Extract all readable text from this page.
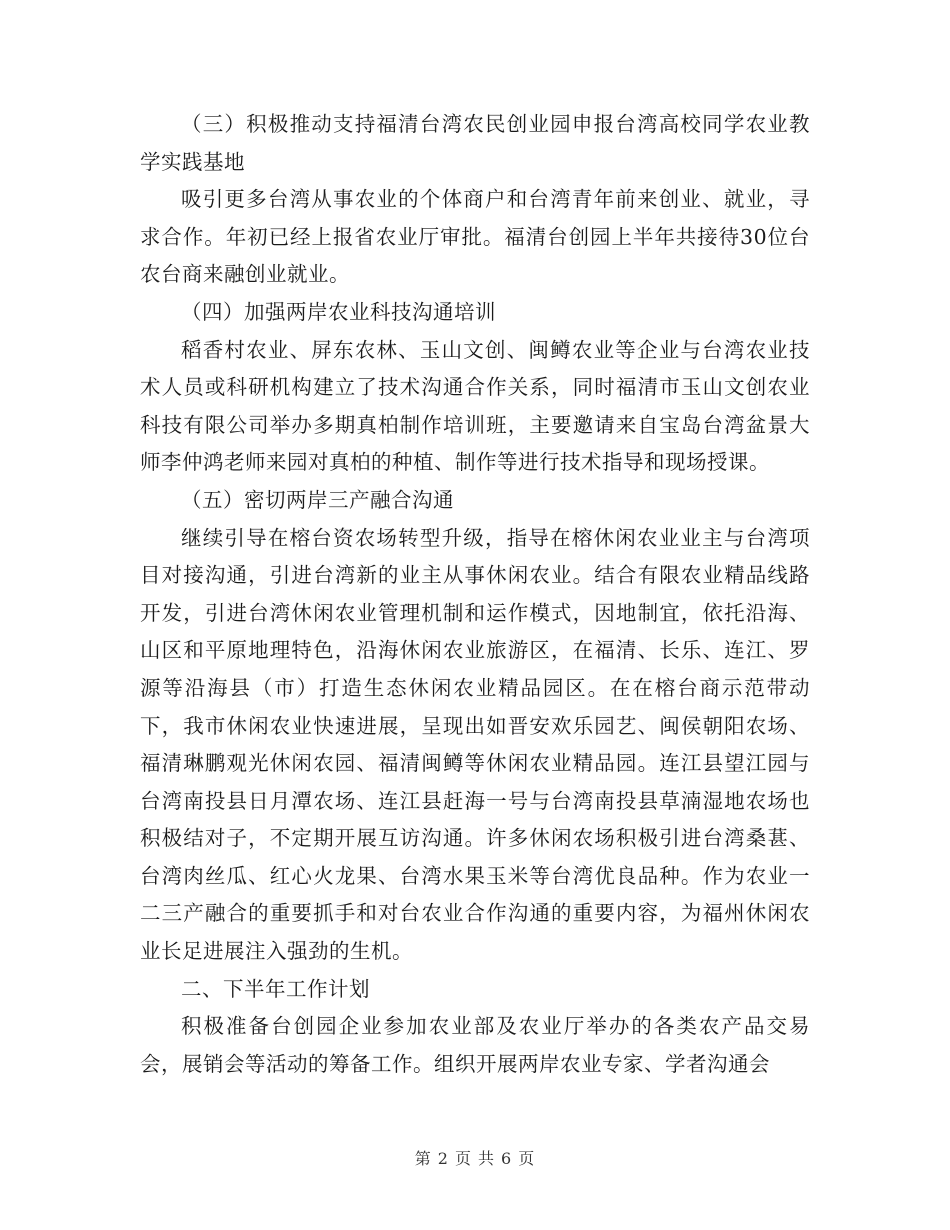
（三）积极推动支持福清台湾农民创业园申报台湾高校同学农业教学实践基地

吸引更多台湾从事农业的个体商户和台湾青年前来创业、就业，寻求合作。年初已经上报省农业厅审批。福清台创园上半年共接待30位台农台商来融创业就业。

（四）加强两岸农业科技沟通培训

稻香村农业、屏东农林、玉山文创、闽鳟农业等企业与台湾农业技术人员或科研机构建立了技术沟通合作关系，同时福清市玉山文创农业科技有限公司举办多期真柏制作培训班，主要邀请来自宝岛台湾盆景大师李仲鸿老师来园对真柏的种植、制作等进行技术指导和现场授课。

（五）密切两岸三产融合沟通

继续引导在榕台资农场转型升级，指导在榕休闲农业业主与台湾项目对接沟通，引进台湾新的业主从事休闲农业。结合有限农业精品线路开发，引进台湾休闲农业管理机制和运作模式，因地制宜，依托沿海、山区和平原地理特色，沿海休闲农业旅游区，在福清、长乐、连江、罗源等沿海县（市）打造生态休闲农业精品园区。在在榕台商示范带动下，我市休闲农业快速进展，呈现出如晋安欢乐园艺、闽侯朝阳农场、福清琳鹏观光休闲农园、福清闽鳟等休闲农业精品园。连江县望江园与台湾南投县日月潭农场、连江县赶海一号与台湾南投县草湳湿地农场也积极结对子，不定期开展互访沟通。许多休闲农场积极引进台湾桑葚、台湾肉丝瓜、红心火龙果、台湾水果玉米等台湾优良品种。作为农业一二三产融合的重要抓手和对台农业合作沟通的重要内容，为福州休闲农业长足进展注入强劲的生机。

二、下半年工作计划

积极准备台创园企业参加农业部及农业厅举办的各类农产品交易会，展销会等活动的筹备工作。组织开展两岸农业专家、学者沟通会

第 2 页 共 6 页
